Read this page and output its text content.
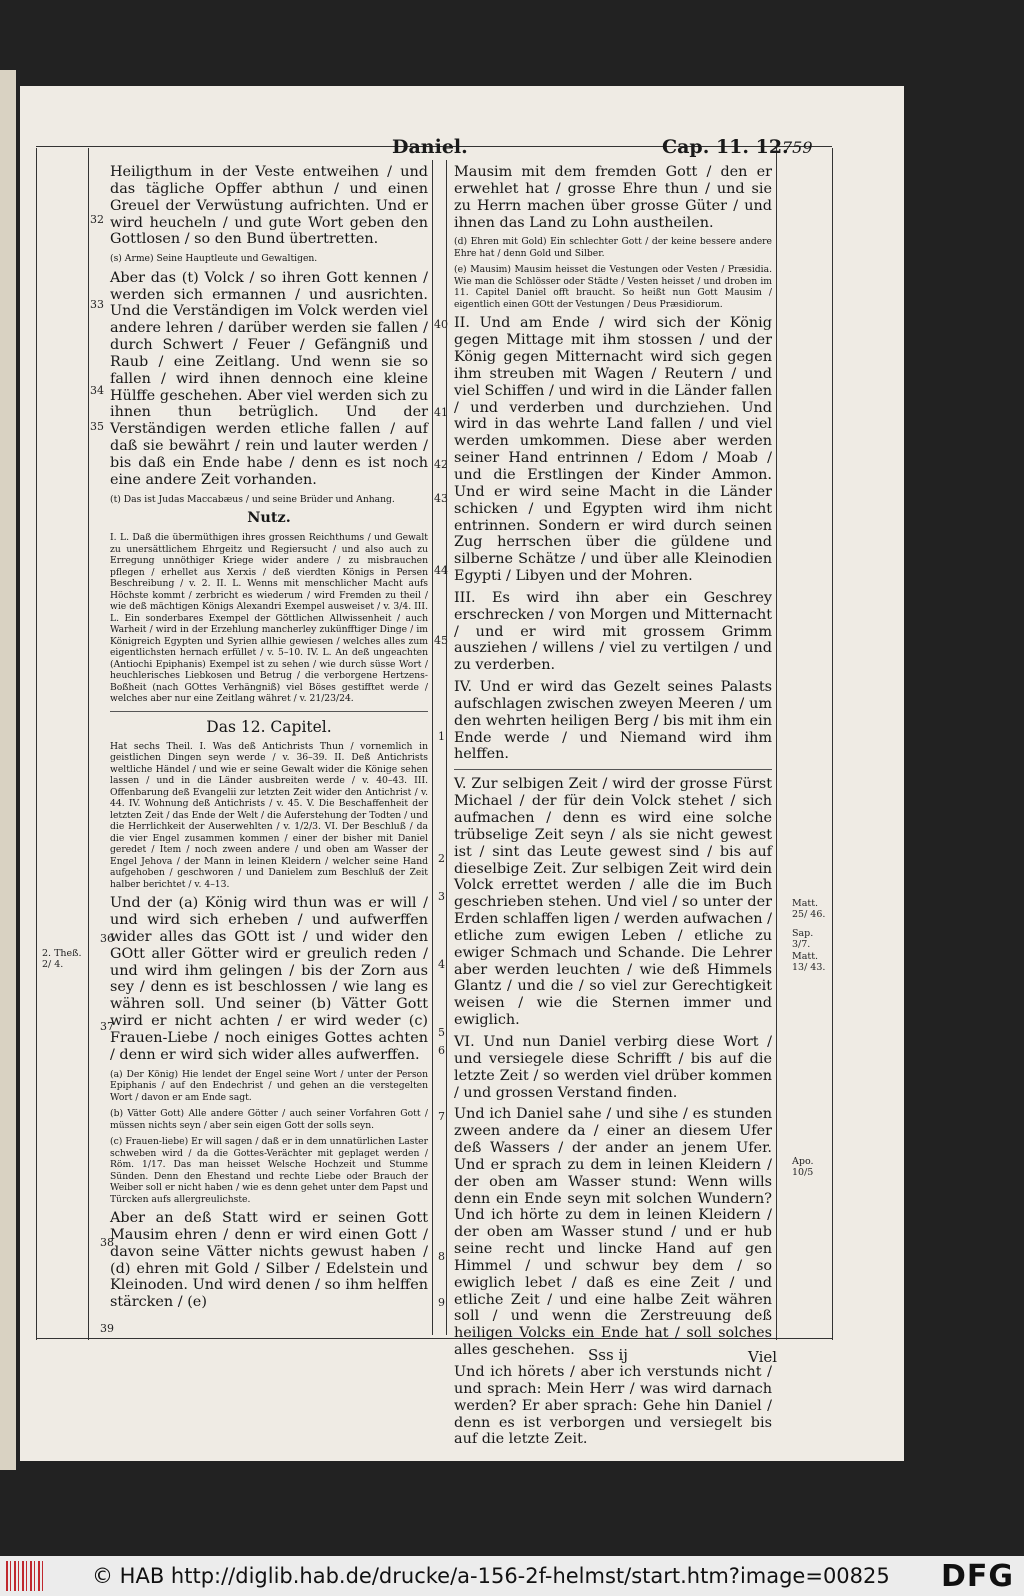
Daniel.	Cap. 11. 12.
759

Heiligthum in der Veste entweihen / und das tägliche Opffer abthun / und einen Greuel der Verwüstung aufrichten. Und er wird heucheln / und gute Wort geben den Gottlosen / so den Bund übertretten.

(s) Arme) Seine Hauptleute und Gewaltigen.

Aber das (t) Volck / so ihren Gott kennen / werden sich ermannen / und ausrichten. Und die Verständigen im Volck werden viel andere lehren / darüber werden sie fallen / durch Schwert / Feuer / Gefängniß und Raub / eine Zeitlang. Und wenn sie so fallen / wird ihnen dennoch eine kleine Hülffe geschehen. Aber viel werden sich zu ihnen thun betrüglich. Und der Verständigen werden etliche fallen / auf daß sie bewährt / rein und lauter werden / bis daß ein Ende habe / denn es ist noch eine andere Zeit vorhanden.

(t) Das ist Judas Maccabæus / und seine Brüder und Anhang.

Nutz.

I. L. Daß die übermüthigen ihres grossen Reichthums / und Gewalt zu unersättlichem Ehrgeitz und Regiersucht / und also auch zu Erregung unnöthiger Kriege wider andere / zu misbrauchen pflegen / erhellet aus Xerxis / deß vierdten Königs in Persen Beschreibung / v. 2. II. L. Wenns mit menschlicher Macht aufs Höchste kommt / zerbricht es wiederum / wird Fremden zu theil / wie deß mächtigen Königs Alexandri Exempel ausweiset / v. 3/4. III. L. Ein sonderbares Exempel der Göttlichen Allwissenheit / auch Warheit / wird in der Erzehlung mancherley zukünfftiger Dinge / im Königreich Egypten und Syrien allhie gewiesen / welches alles zum eigentlichsten hernach erfüllet / v. 5–10. IV. L. An deß ungeachten (Antiochi Epiphanis) Exempel ist zu sehen / wie durch süsse Wort / heuchlerisches Liebkosen und Betrug / die verborgene Hertzens-Boßheit (nach GOttes Verhängniß) viel Böses gestifftet werde / welches aber nur eine Zeitlang währet / v. 21/23/24.

Das 12. Capitel.

Hat sechs Theil. I. Was deß Antichrists Thun / vornemlich in geistlichen Dingen seyn werde / v. 36–39. II. Deß Antichrists weltliche Händel / und wie er seine Gewalt wider die Könige sehen lassen / und in die Länder ausbreiten werde / v. 40–43. III. Offenbarung deß Evangelii zur letzten Zeit wider den Antichrist / v. 44. IV. Wohnung deß Antichrists / v. 45. V. Die Beschaffenheit der letzten Zeit / das Ende der Welt / die Auferstehung der Todten / und die Herrlichkeit der Auserwehlten / v. 1/2/3. VI. Der Beschluß / da die vier Engel zusammen kommen / einer der bisher mit Daniel geredet / Item / noch zween andere / und oben am Wasser der Engel Jehova / der Mann in leinen Kleidern / welcher seine Hand aufgehoben / geschworen / und Danielem zum Beschluß der Zeit halber berichtet / v. 4–13.

Und der (a) König wird thun was er will / und wird sich erheben / und aufwerffen wider alles das GOtt ist / und wider den GOtt aller Götter wird er greulich reden / und wird ihm gelingen / bis der Zorn aus sey / denn es ist beschlossen / wie lang es währen soll. Und seiner (b) Vätter Gott wird er nicht achten / er wird weder (c) Frauen-Liebe / noch einiges Gottes achten / denn er wird sich wider alles aufwerffen.

(a) Der König) Hie lendet der Engel seine Wort / unter der Person Epiphanis / auf den Endechrist / und gehen an die verstegelten Wort / davon er am Ende sagt.

(b) Vätter Gott) Alle andere Götter / auch seiner Vorfahren Gott / müssen nichts seyn / aber sein eigen Gott der solls seyn.

(c) Frauen-liebe) Er will sagen / daß er in dem unnatürlichen Laster schweben wird / da die Gottes-Verächter mit geplaget werden / Röm. 1/17. Das man heisset Welsche Hochzeit und Stumme Sünden. Denn den Ehestand und rechte Liebe oder Brauch der Weiber soll er nicht haben / wie es denn gehet unter dem Papst und Türcken aufs allergreulichste.

Aber an deß Statt wird er seinen Gott Mausim ehren / denn er wird einen Gott / davon seine Vätter nichts gewust haben / (d) ehren mit Gold / Silber / Edelstein und Kleinoden. Und wird denen / so ihm helffen stärcken / (e)

Mausim mit dem fremden Gott / den er erwehlet hat / grosse Ehre thun / und sie zu Herrn machen über grosse Güter / und ihnen das Land zu Lohn austheilen.

(d) Ehren mit Gold) Ein schlechter Gott / der keine bessere andere Ehre hat / denn Gold und Silber.

(e) Mausim) Mausim heisset die Vestungen oder Vesten / Præsidia. Wie man die Schlösser oder Städte / Vesten heisset / und droben im 11. Capitel Daniel offt braucht. So heißt nun Gott Mausim / eigentlich einen GOtt der Vestungen / Deus Præsidiorum.

II. Und am Ende / wird sich der König gegen Mittage mit ihm stossen / und der König gegen Mitternacht wird sich gegen ihm streuben mit Wagen / Reutern / und viel Schiffen / und wird in die Länder fallen / und verderben und durchziehen. Und wird in das wehrte Land fallen / und viel werden umkommen. Diese aber werden seiner Hand entrinnen / Edom / Moab / und die Erstlingen der Kinder Ammon. Und er wird seine Macht in die Länder schicken / und Egypten wird ihm nicht entrinnen. Sondern er wird durch seinen Zug herrschen über die güldene und silberne Schätze / und über alle Kleinodien Egypti / Libyen und der Mohren.

III. Es wird ihn aber ein Geschrey erschrecken / von Morgen und Mitternacht / und er wird mit grossem Grimm ausziehen / willens / viel zu vertilgen / und zu verderben.

IV. Und er wird das Gezelt seines Palasts aufschlagen zwischen zweyen Meeren / um den wehrten heiligen Berg / bis mit ihm ein Ende werde / und Niemand wird ihm helffen.

V. Zur selbigen Zeit / wird der grosse Fürst Michael / der für dein Volck stehet / sich aufmachen / denn es wird eine solche trübselige Zeit seyn / als sie nicht gewest ist / sint das Leute gewest sind / bis auf dieselbige Zeit. Zur selbigen Zeit wird dein Volck errettet werden / alle die im Buch geschrieben stehen. Und viel / so unter der Erden schlaffen ligen / werden aufwachen / etliche zum ewigen Leben / etliche zu ewiger Schmach und Schande. Die Lehrer aber werden leuchten / wie deß Himmels Glantz / und die / so viel zur Gerechtigkeit weisen / wie die Sternen immer und ewiglich.

VI. Und nun Daniel verbirg diese Wort / und versiegele diese Schrifft / bis auf die letzte Zeit / so werden viel drüber kommen / und grossen Verstand finden.

Und ich Daniel sahe / und sihe / es stunden zween andere da / einer an diesem Ufer deß Wassers / der ander an jenem Ufer. Und er sprach zu dem in leinen Kleidern / der oben am Wasser stund: Wenn wills denn ein Ende seyn mit solchen Wundern? Und ich hörte zu dem in leinen Kleidern / der oben am Wasser stund / und er hub seine recht und lincke Hand auf gen Himmel / und schwur bey dem / so ewiglich lebet / daß es eine Zeit / und etliche Zeit / und eine halbe Zeit währen soll / und wenn die Zerstreuung deß heiligen Volcks ein Ende hat / soll solches alles geschehen.

Und ich hörets / aber ich verstunds nicht / und sprach: Mein Herr / was wird darnach werden? Er aber sprach: Gehe hin Daniel / denn es ist verborgen und versiegelt bis auf die letzte Zeit.

32
33
34
35
36
37
38
39
40
41
42
43
44
45
1
2
3
4
5
6
7
8
9
2. Theß. 2/ 4.
Matt. 25/ 46.
Sap. 3/7. Matt. 13/ 43.
Apo. 10/5
Sss ij	Viel
© HAB http://diglib.hab.de/drucke/a-156-2f-helmst/start.htm?image=00825 DFG
